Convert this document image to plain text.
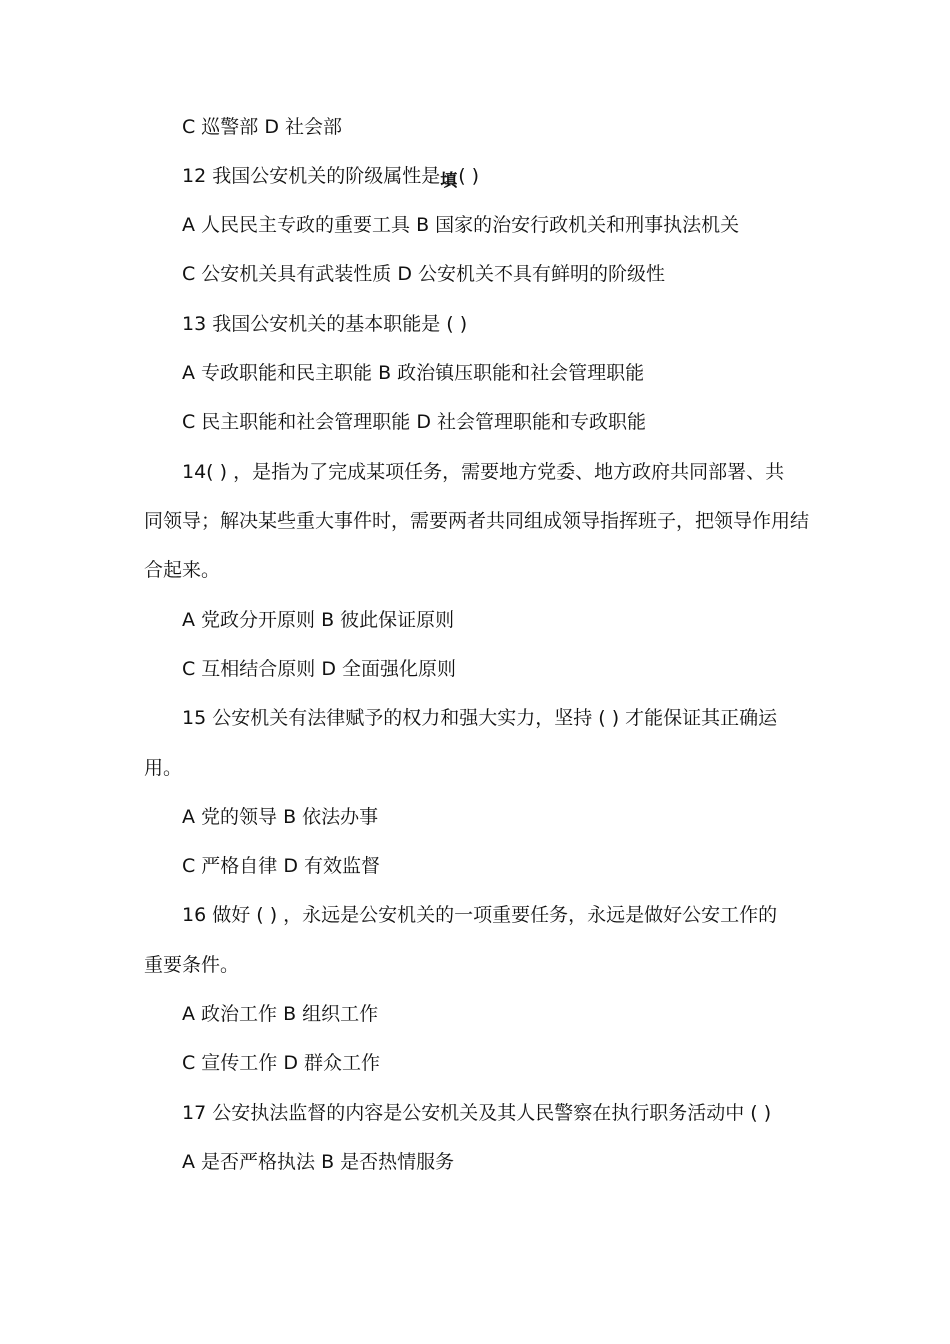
C 巡警部 D 社会部
12 我国公安机关的阶级属性是填( )
A 人民民主专政的重要工具 B 国家的治安行政机关和刑事执法机关
C 公安机关具有武装性质 D 公安机关不具有鲜明的阶级性
13 我国公安机关的基本职能是 ( )
A 专政职能和民主职能 B 政治镇压职能和社会管理职能
C 民主职能和社会管理职能 D 社会管理职能和专政职能
14( ) ，是指为了完成某项任务，需要地方党委、地方政府共同部署、共
同领导；解决某些重大事件时，需要两者共同组成领导指挥班子，把领导作用结
合起来。
A 党政分开原则 B 彼此保证原则
C 互相结合原则 D 全面强化原则
15 公安机关有法律赋予的权力和强大实力，坚持 ( ) 才能保证其正确运
用。
A 党的领导 B 依法办事
C 严格自律 D 有效监督
16 做好 ( ) ，永远是公安机关的一项重要任务，永远是做好公安工作的
重要条件。
A 政治工作 B 组织工作
C 宣传工作 D 群众工作
17 公安执法监督的内容是公安机关及其人民警察在执行职务活动中 ( )
A 是否严格执法 B 是否热情服务
